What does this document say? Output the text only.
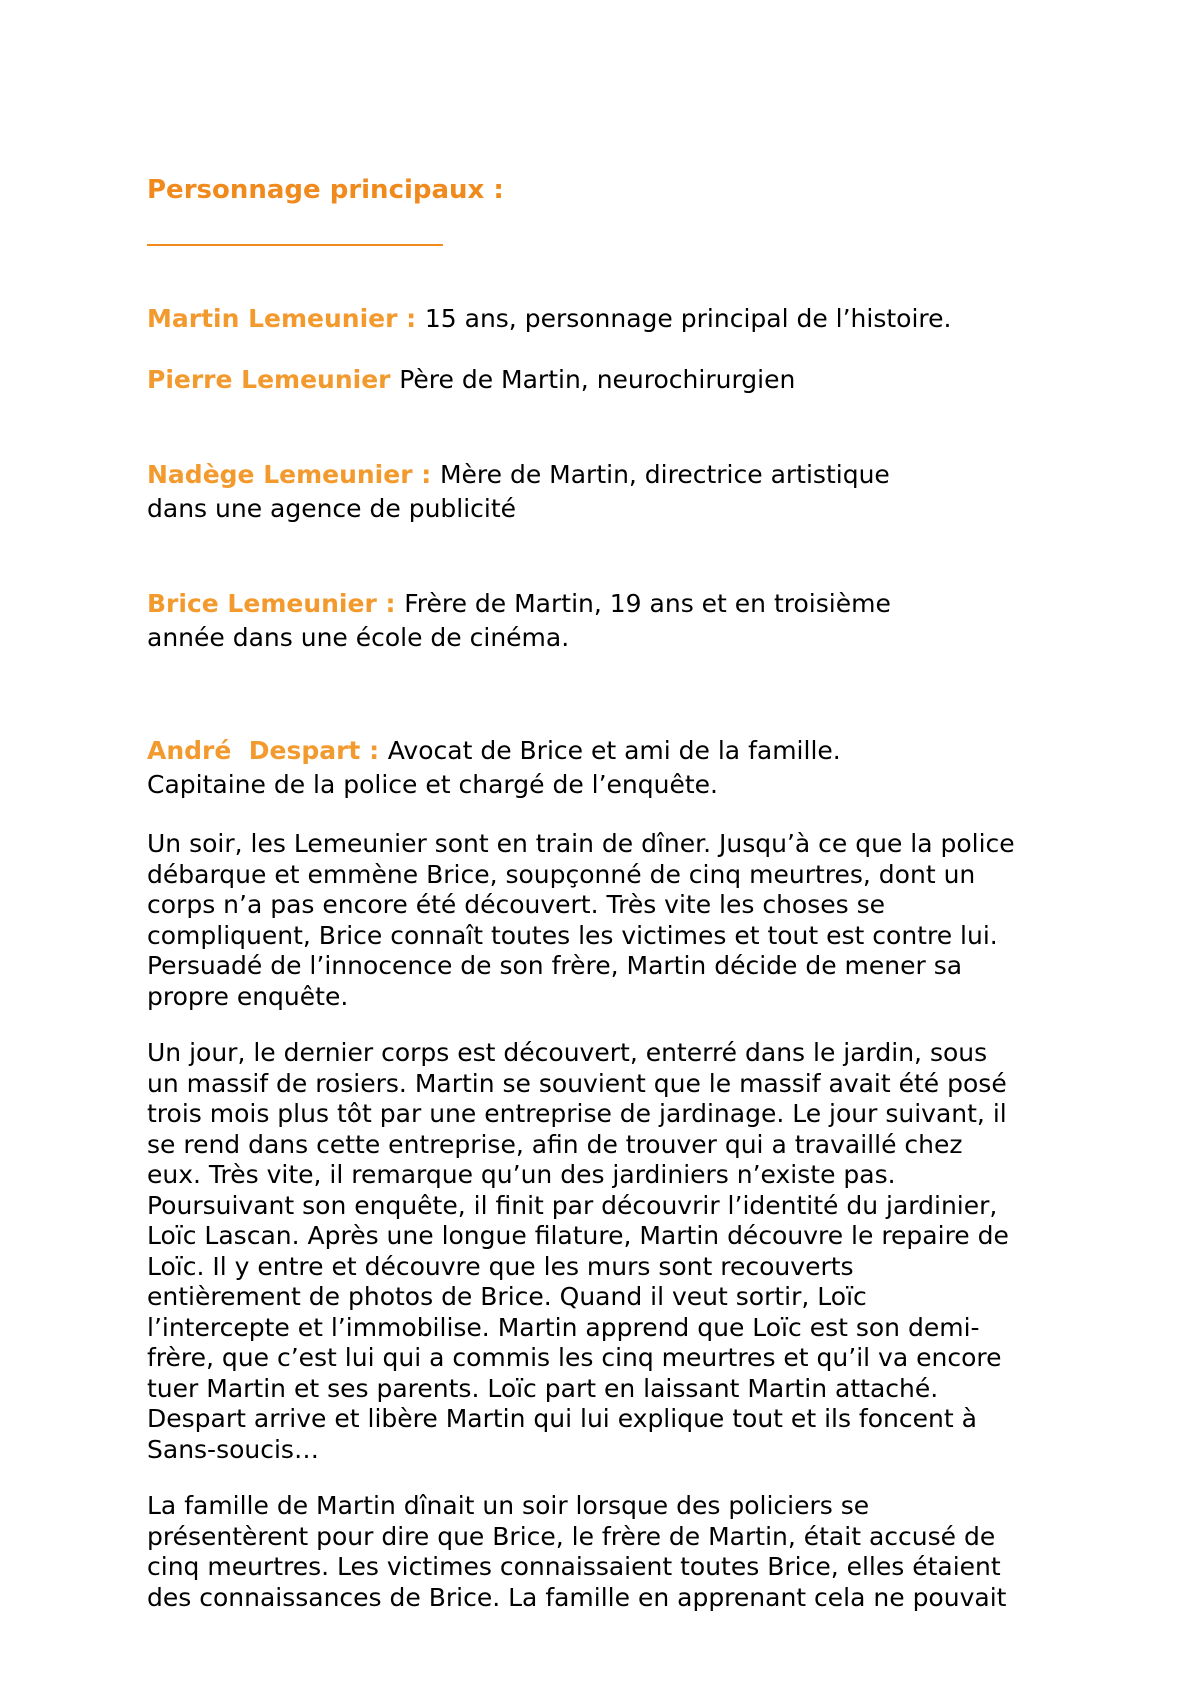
Personnage principaux :

Martin Lemeunier : 15 ans, personnage principal de l’histoire.

Pierre Lemeunier Père de Martin, neurochirurgien

Nadège Lemeunier : Mère de Martin, directrice artistique
dans une agence de publicité

Brice Lemeunier : Frère de Martin, 19 ans et en troisième
année dans une école de cinéma.

André  Despart : Avocat de Brice et ami de la famille.
Capitaine de la police et chargé de l’enquête.

Un soir, les Lemeunier sont en train de dîner. Jusqu’à ce que la police
débarque et emmène Brice, soupçonné de cinq meurtres, dont un
corps n’a pas encore été découvert. Très vite les choses se
compliquent, Brice connaît toutes les victimes et tout est contre lui.
Persuadé de l’innocence de son frère, Martin décide de mener sa
propre enquête.

Un jour, le dernier corps est découvert, enterré dans le jardin, sous
un massif de rosiers. Martin se souvient que le massif avait été posé
trois mois plus tôt par une entreprise de jardinage. Le jour suivant, il
se rend dans cette entreprise, afin de trouver qui a travaillé chez
eux. Très vite, il remarque qu’un des jardiniers n’existe pas.
Poursuivant son enquête, il finit par découvrir l’identité du jardinier,
Loïc Lascan. Après une longue filature, Martin découvre le repaire de
Loïc. Il y entre et découvre que les murs sont recouverts
entièrement de photos de Brice. Quand il veut sortir, Loïc
l’intercepte et l’immobilise. Martin apprend que Loïc est son demi-
frère, que c’est lui qui a commis les cinq meurtres et qu’il va encore
tuer Martin et ses parents. Loïc part en laissant Martin attaché.
Despart arrive et libère Martin qui lui explique tout et ils foncent à
Sans-soucis…

La famille de Martin dînait un soir lorsque des policiers se
présentèrent pour dire que Brice, le frère de Martin, était accusé de
cinq meurtres. Les victimes connaissaient toutes Brice, elles étaient
des connaissances de Brice. La famille en apprenant cela ne pouvait
